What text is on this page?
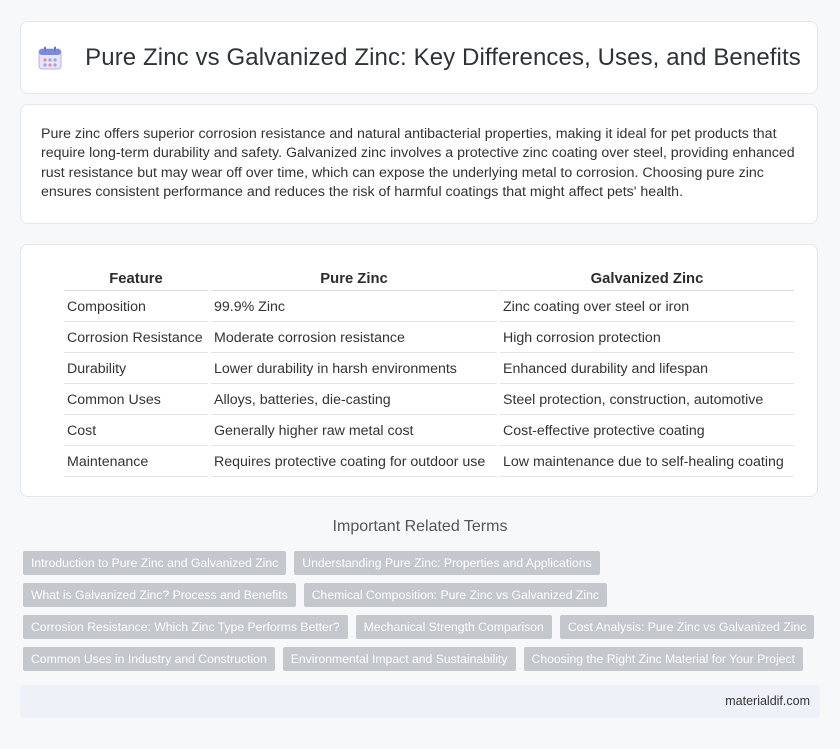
Pure Zinc vs Galvanized Zinc: Key Differences, Uses, and Benefits

Pure zinc offers superior corrosion resistance and natural antibacterial properties, making it ideal for pet products that require long-term durability and safety. Galvanized zinc involves a protective zinc coating over steel, providing enhanced rust resistance but may wear off over time, which can expose the underlying metal to corrosion. Choosing pure zinc ensures consistent performance and reduces the risk of harmful coatings that might affect pets' health.

Feature	Pure Zinc	Galvanized Zinc
Composition	99.9% Zinc	Zinc coating over steel or iron
Corrosion Resistance	Moderate corrosion resistance	High corrosion protection
Durability	Lower durability in harsh environments	Enhanced durability and lifespan
Common Uses	Alloys, batteries, die-casting	Steel protection, construction, automotive
Cost	Generally higher raw metal cost	Cost-effective protective coating
Maintenance	Requires protective coating for outdoor use	Low maintenance due to self-healing coating
Important Related Terms
Introduction to Pure Zinc and Galvanized Zinc	Understanding Pure Zinc: Properties and Applications
What is Galvanized Zinc? Process and Benefits	Chemical Composition: Pure Zinc vs Galvanized Zinc
Corrosion Resistance: Which Zinc Type Performs Better?	Mechanical Strength Comparison	Cost Analysis: Pure Zinc vs Galvanized Zinc
Common Uses in Industry and Construction	Environmental Impact and Sustainability	Choosing the Right Zinc Material for Your Project
materialdif.com
